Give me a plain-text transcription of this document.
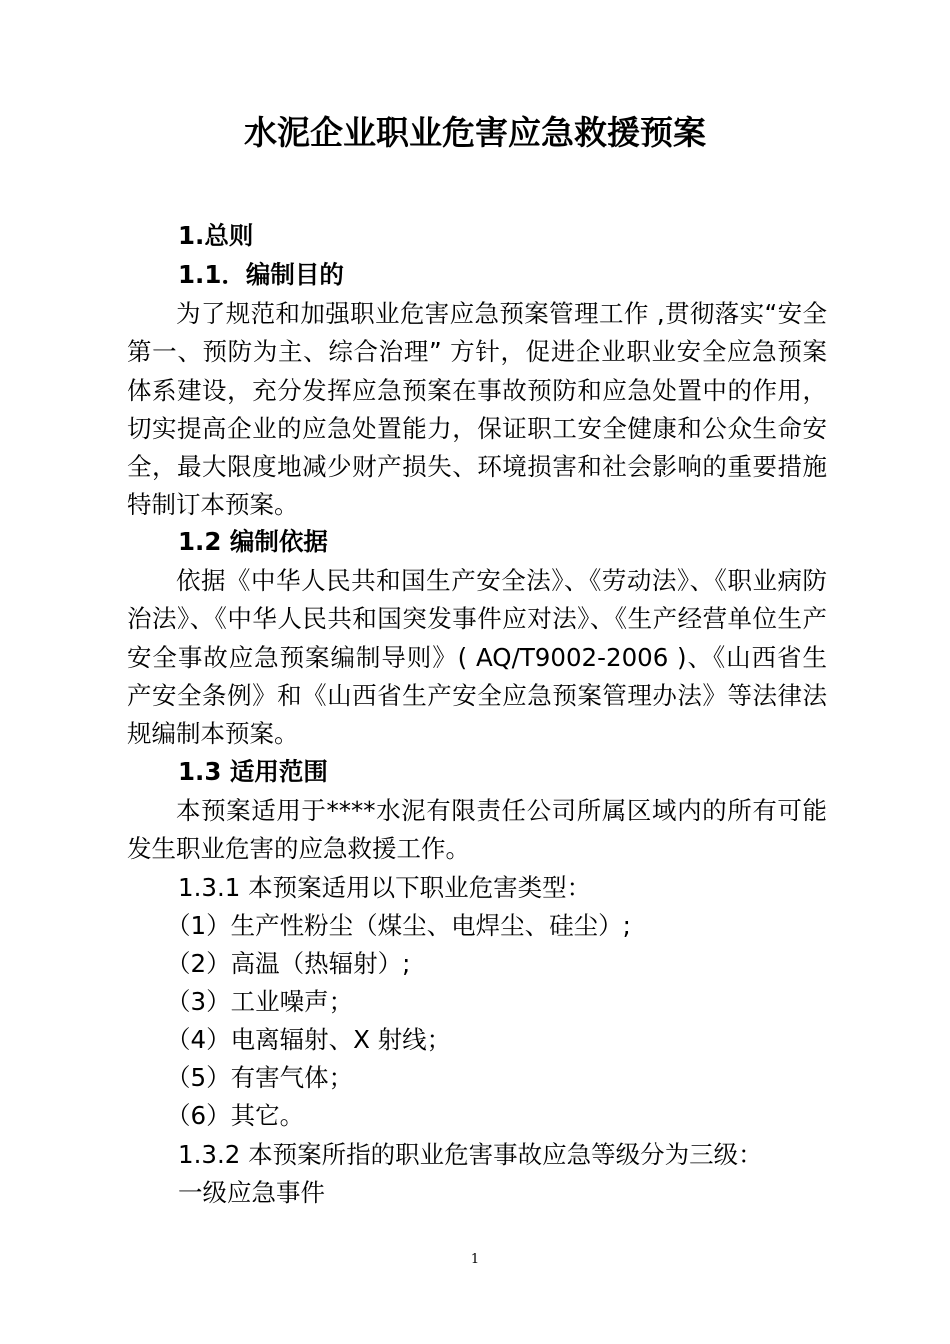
水泥企业职业危害应急救援预案
1.总则
1.1．编制目的

为了规范和加强职业危害应急预案管理工作 ,贯彻落实“安全第一、预防为主、综合治理” 方针，促进企业职业安全应急预案体系建设，充分发挥应急预案在事故预防和应急处置中的作用，切实提高企业的应急处置能力，保证职工安全健康和公众生命安全，最大限度地减少财产损失、环境损害和社会影响的重要措施特制订本预案。

1.2 编制依据

依据《中华人民共和国生产安全法》、《劳动法》、《职业病防治法》、《中华人民共和国突发事件应对法》、《生产经营单位生产安全事故应急预案编制导则》( AQ/T9002-2006 )、《山西省生产安全条例》和《山西省生产安全应急预案管理办法》等法律法规编制本预案。

1.3 适用范围

本预案适用于****水泥有限责任公司所属区域内的所有可能发生职业危害的应急救援工作。

1.3.1 本预案适用以下职业危害类型：
（1）生产性粉尘（煤尘、电焊尘、硅尘）;
（2）高温（热辐射）;
（3）工业噪声；
（4）电离辐射、X 射线；
（5）有害气体；
（6）其它。
1.3.2 本预案所指的职业危害事故应急等级分为三级：
一级应急事件
1
